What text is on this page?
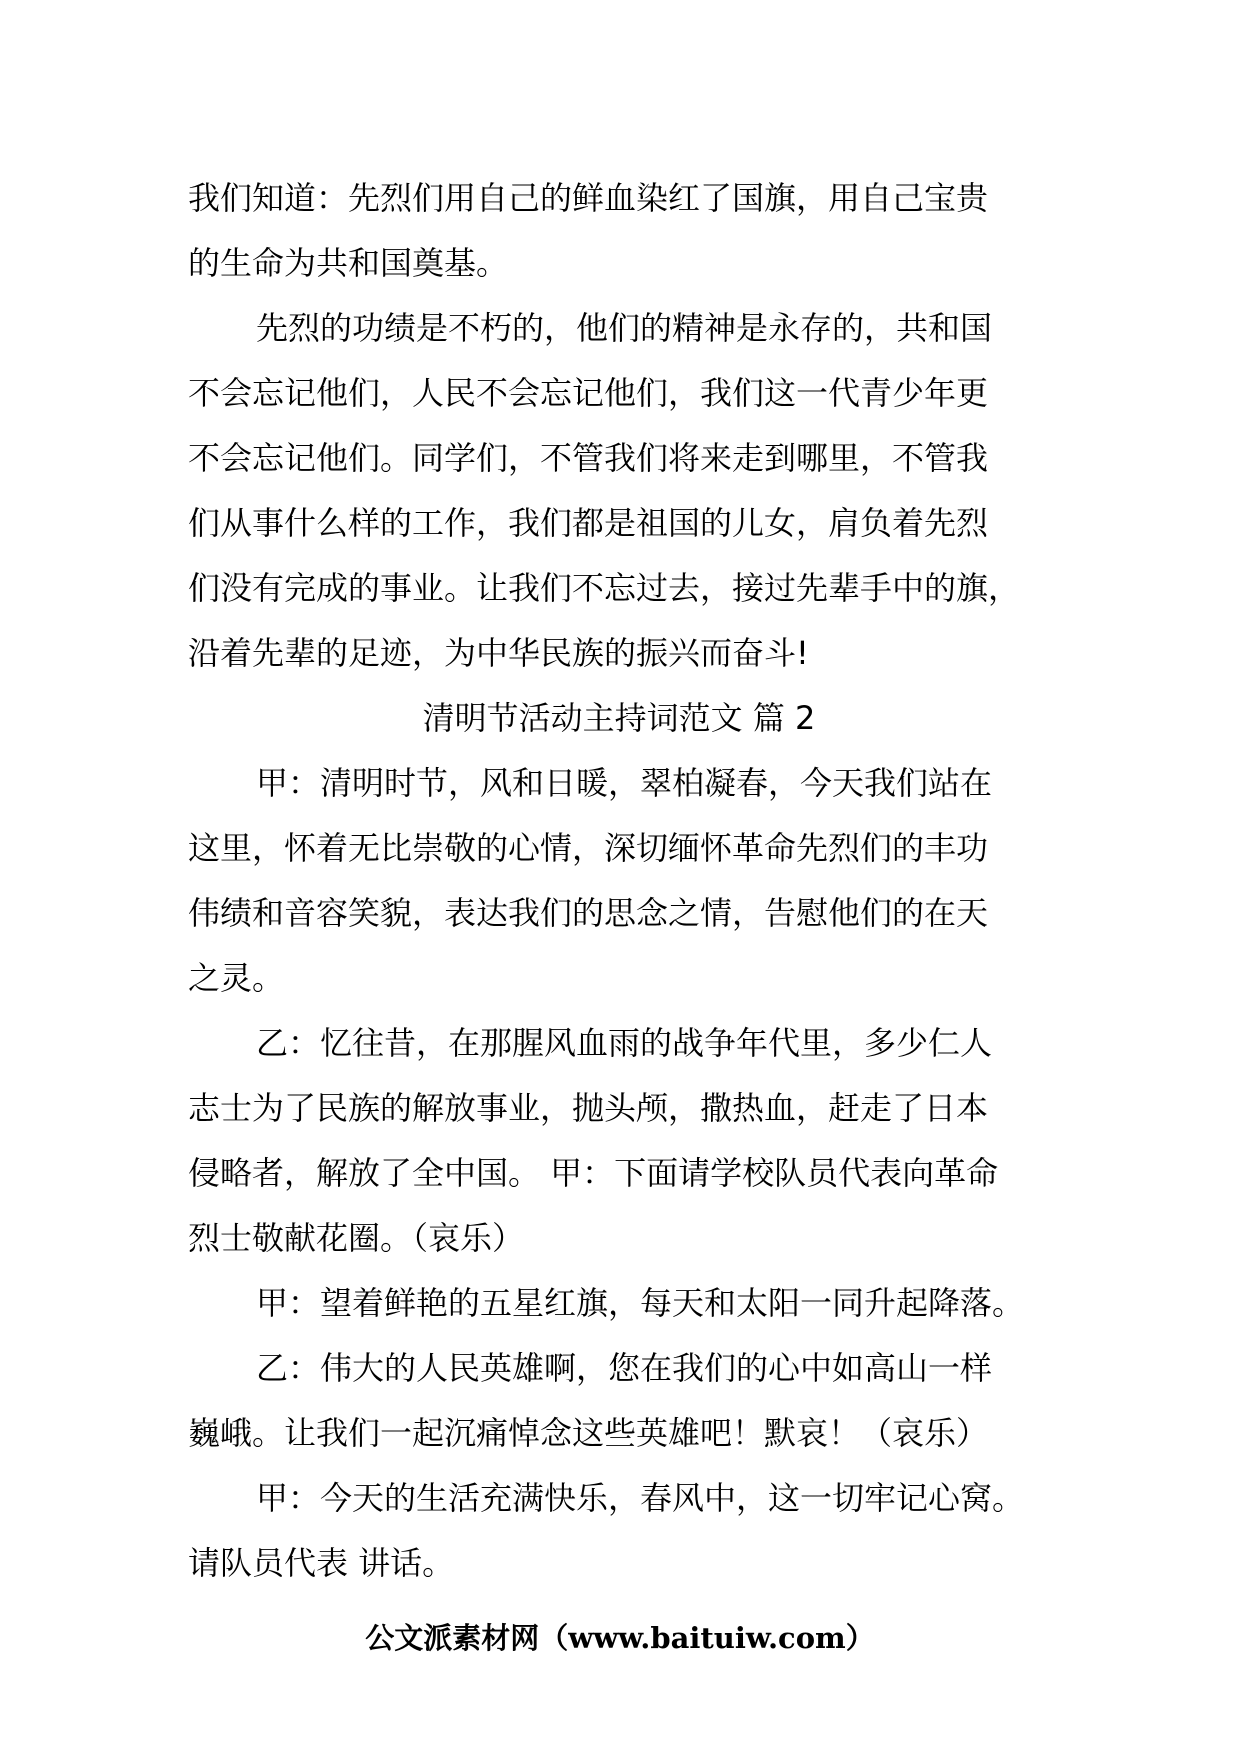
我们知道：先烈们用自己的鲜血染红了国旗，用自己宝贵
的生命为共和国奠基。
先烈的功绩是不朽的，他们的精神是永存的，共和国
不会忘记他们，人民不会忘记他们，我们这一代青少年更
不会忘记他们。同学们，不管我们将来走到哪里，不管我
们从事什么样的工作，我们都是祖国的儿女，肩负着先烈
们没有完成的事业。让我们不忘过去，接过先辈手中的旗，
沿着先辈的足迹，为中华民族的振兴而奋斗!
清明节活动主持词范文 篇 2
甲：清明时节，风和日暖，翠柏凝春，今天我们站在
这里，怀着无比崇敬的心情，深切缅怀革命先烈们的丰功
伟绩和音容笑貌，表达我们的思念之情，告慰他们的在天
之灵。
乙：忆往昔，在那腥风血雨的战争年代里，多少仁人
志士为了民族的解放事业，抛头颅，撒热血，赶走了日本
侵略者，解放了全中国。 甲：下面请学校队员代表向革命
烈士敬献花圈。（哀乐）
甲：望着鲜艳的五星红旗，每天和太阳一同升起降落。
乙：伟大的人民英雄啊，您在我们的心中如高山一样
巍峨。让我们一起沉痛悼念这些英雄吧！默哀！（哀乐）
甲：今天的生活充满快乐，春风中，这一切牢记心窝。
请队员代表 讲话。
公文派素材网（www.baituiw.com）
